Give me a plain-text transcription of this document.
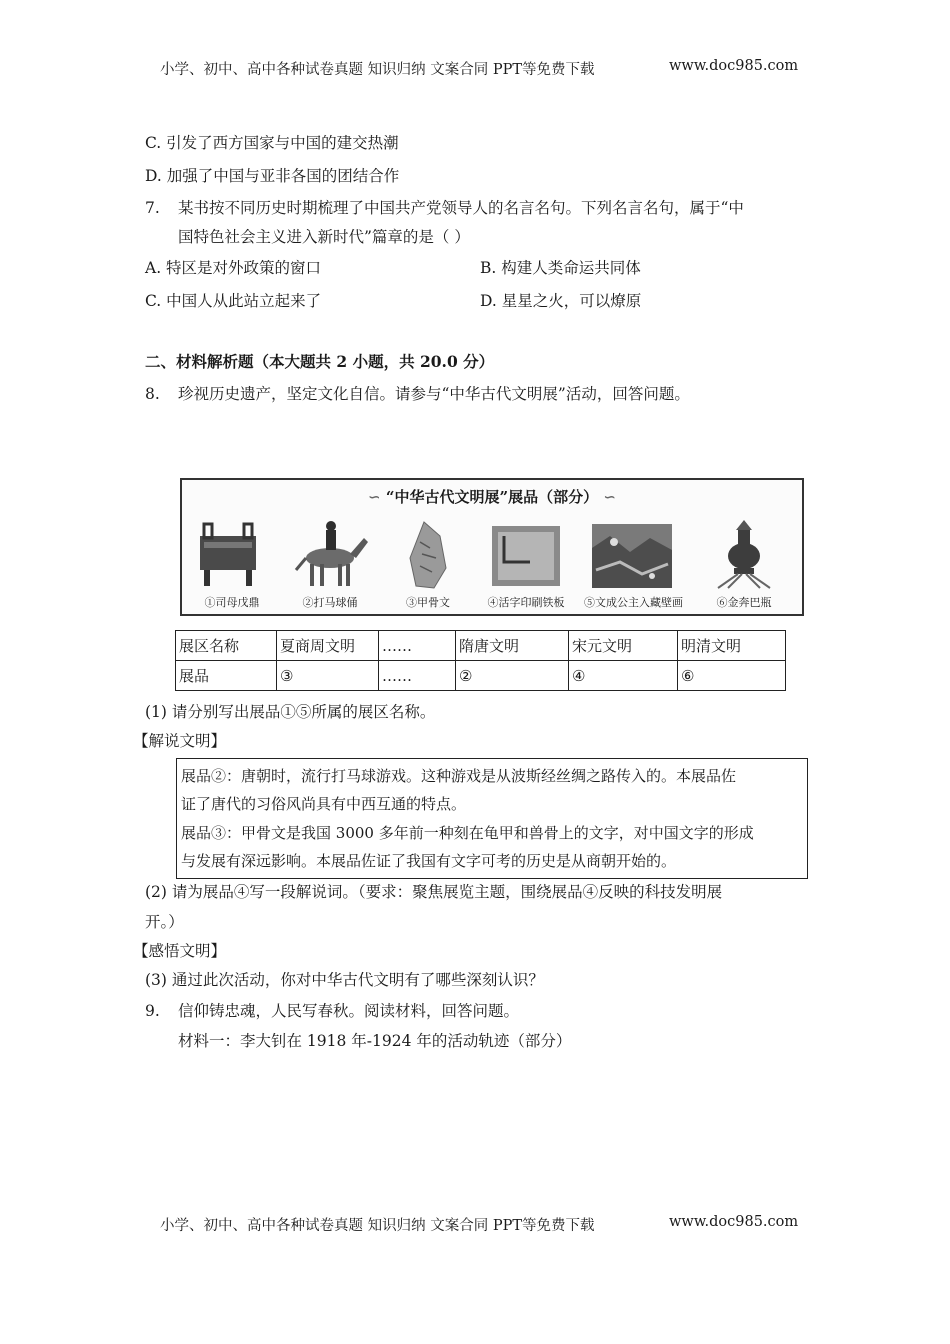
小学、初中、高中各种试卷真题 知识归纳 文案合同 PPT等免费下载	www.doc985.com
C. 引发了西方国家与中国的建交热潮
D. 加强了中国与亚非各国的团结合作
7. 某书按不同历史时期梳理了中国共产党领导人的名言名句。下列名言名句，属于“中
国特色社会主义进入新时代”篇章的是（ ）
A. 特区是对外政策的窗口	B. 构建人类命运共同体
C. 中国人从此站立起来了	D. 星星之火，可以燎原
二、材料解析题（本大题共 2 小题，共 20.0 分）
8. 珍视历史遗产，坚定文化自信。请参与“中华古代文明展”活动，回答问题。
∽ “中华古代文明展”展品（部分） ∽
①司母戊鼎	②打马球俑	③甲骨文	④活字印刷铁板	⑤文成公主入藏壁画	⑥金奔巴瓶
展区名称	夏商周文明	……	隋唐文明	宋元文明	明清文明
展品	③	……	②	④	⑥
(1) 请分别写出展品①⑤所属的展区名称。
【解说文明】
展品②：唐朝时，流行打马球游戏。这种游戏是从波斯经丝绸之路传入的。本展品佐
证了唐代的习俗风尚具有中西互通的特点。
展品③：甲骨文是我国 3000 多年前一种刻在龟甲和兽骨上的文字，对中国文字的形成
与发展有深远影响。本展品佐证了我国有文字可考的历史是从商朝开始的。
(2) 请为展品④写一段解说词。（要求：聚焦展览主题，围绕展品④反映的科技发明展
开。）
【感悟文明】
(3) 通过此次活动，你对中华古代文明有了哪些深刻认识？
9. 信仰铸忠魂，人民写春秋。阅读材料，回答问题。
材料一：李大钊在 1918 年-1924 年的活动轨迹（部分）
小学、初中、高中各种试卷真题 知识归纳 文案合同 PPT等免费下载	www.doc985.com
